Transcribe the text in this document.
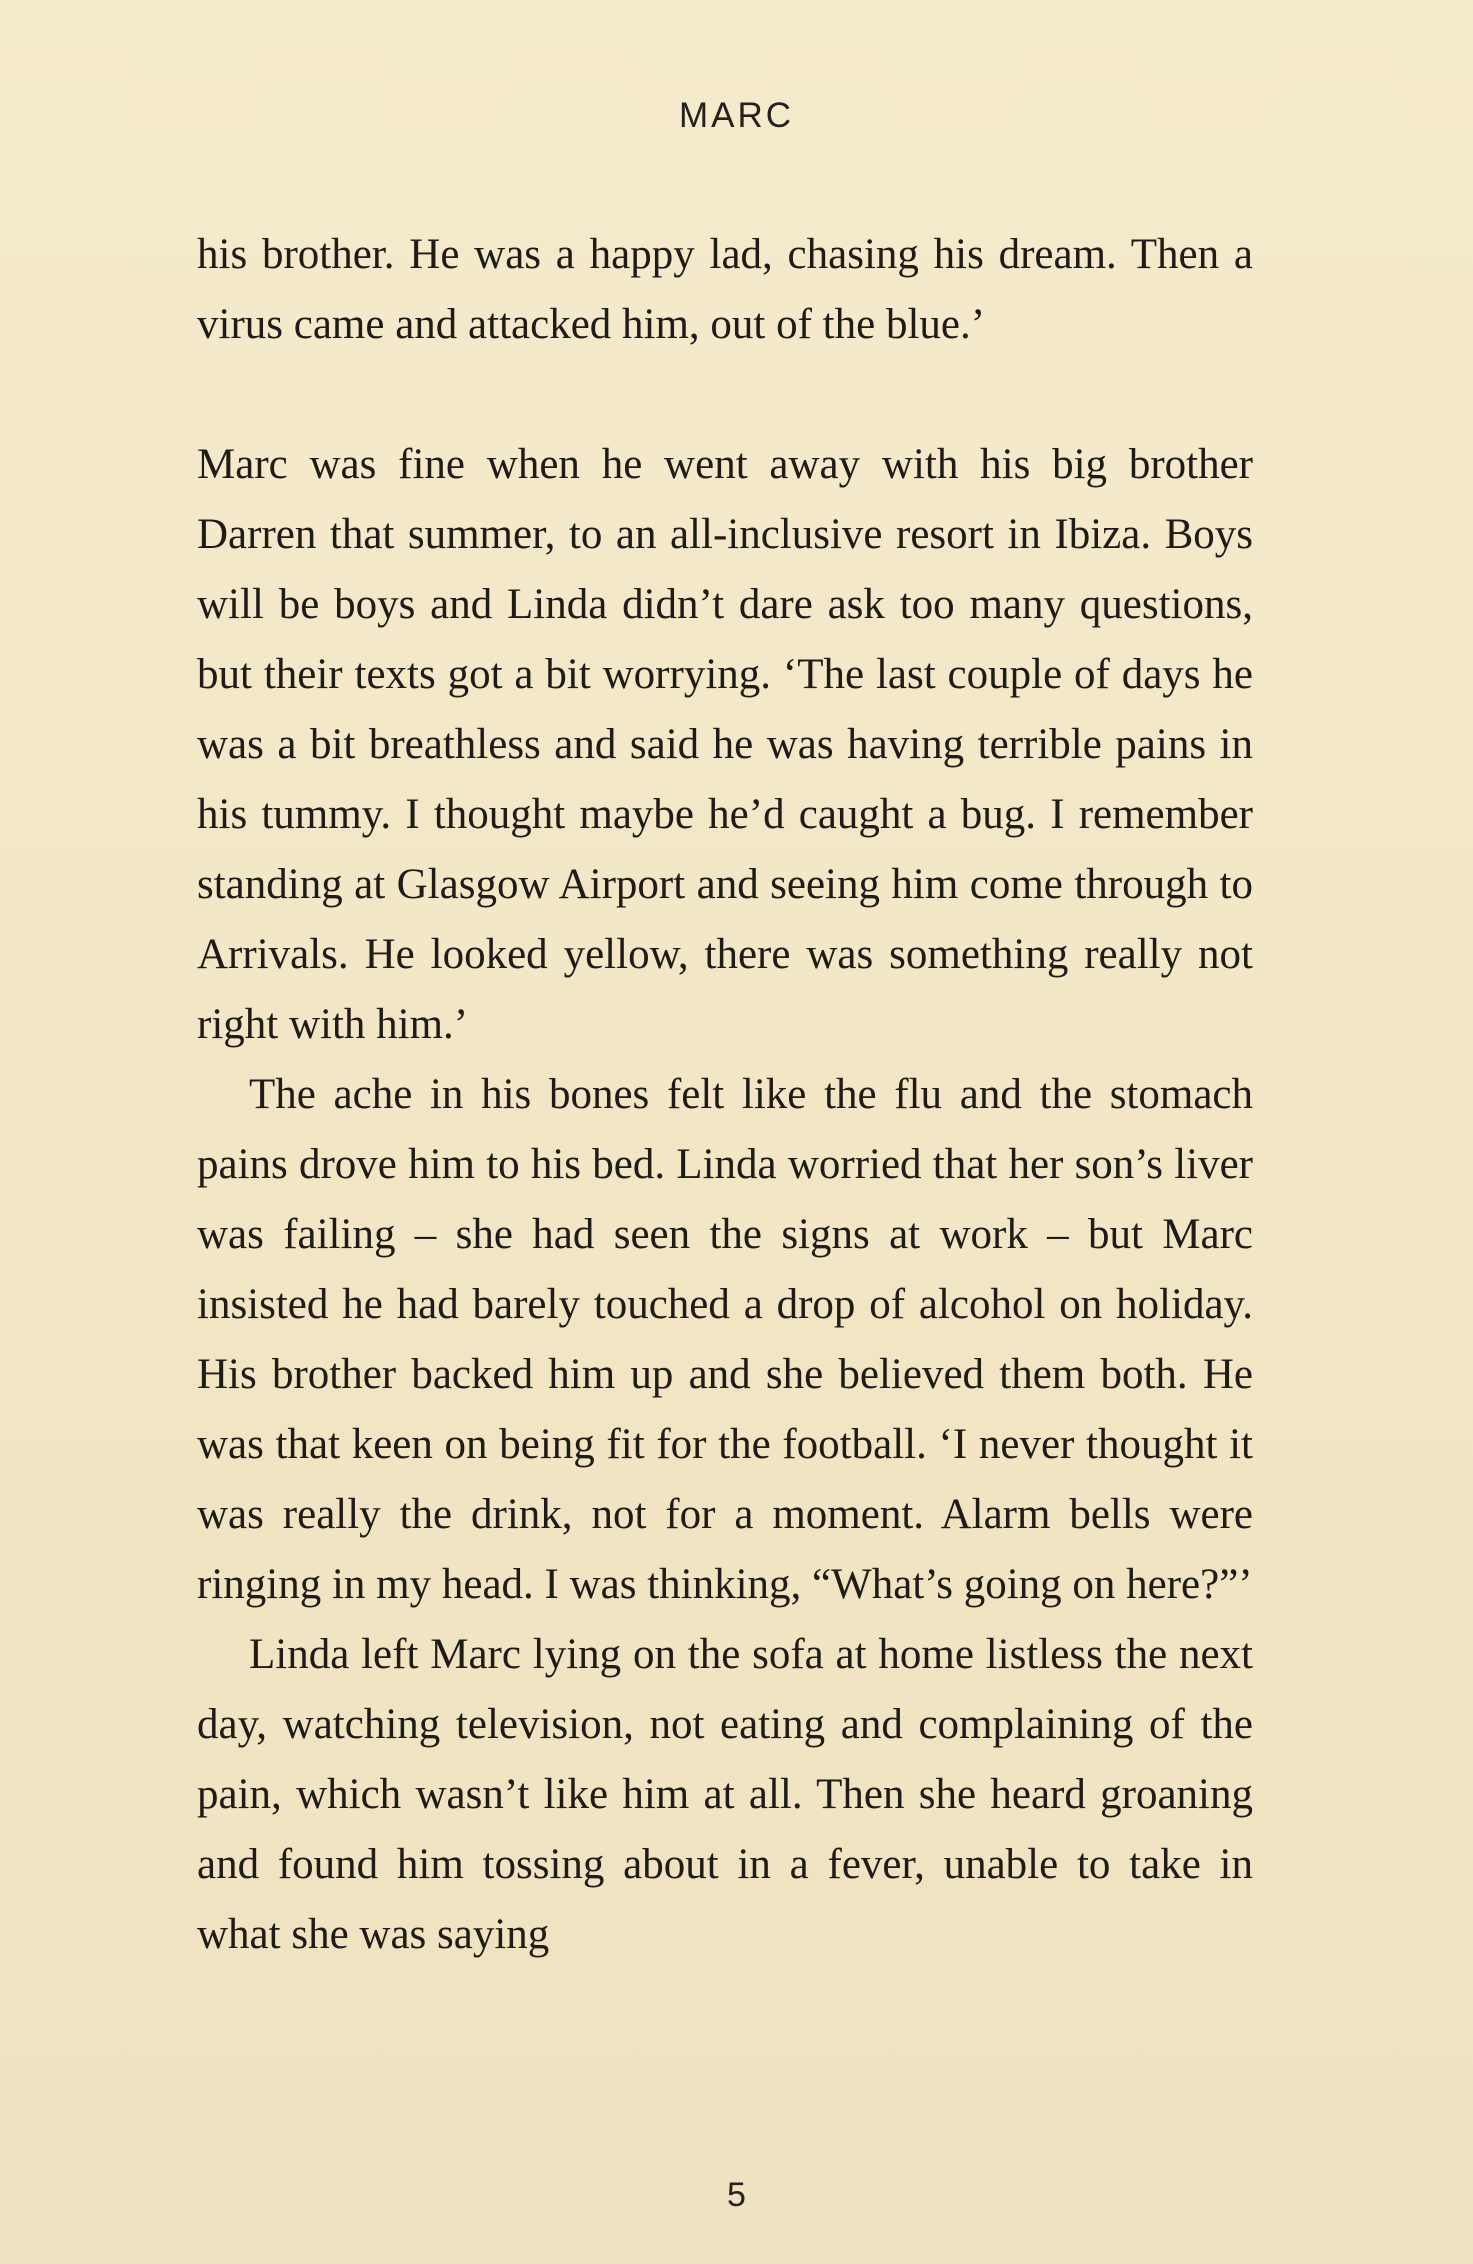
MARC

his brother. He was a happy lad, chasing his dream. Then a virus came and attacked him, out of the blue.’

Marc was fine when he went away with his big brother Darren that summer, to an all-inclusive resort in Ibiza. Boys will be boys and Linda didn’t dare ask too many questions, but their texts got a bit worrying. ‘The last couple of days he was a bit breathless and said he was having terrible pains in his tummy. I thought maybe he’d caught a bug. I remember standing at Glasgow Airport and seeing him come through to Arrivals. He looked yellow, there was something really not right with him.’

The ache in his bones felt like the flu and the stomach pains drove him to his bed. Linda worried that her son’s liver was failing – she had seen the signs at work – but Marc insisted he had barely touched a drop of alcohol on holiday. His brother backed him up and she believed them both. He was that keen on being fit for the football. ‘I never thought it was really the drink, not for a moment. Alarm bells were ringing in my head. I was thinking, “What’s going on here?”’

Linda left Marc lying on the sofa at home listless the next day, watching television, not eating and complaining of the pain, which wasn’t like him at all. Then she heard groaning and found him tossing about in a fever, unable to take in what she was saying

5
